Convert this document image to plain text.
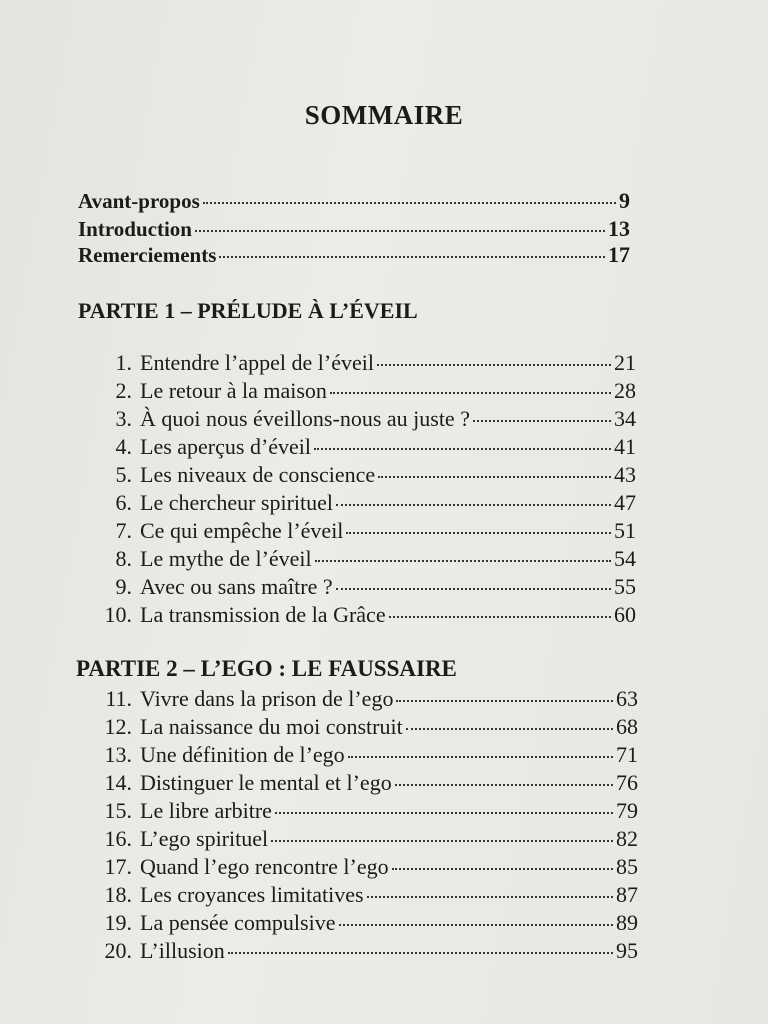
SOMMAIRE
Avant-propos	9
Introduction	13
Remerciements	17
PARTIE 1 – PRÉLUDE À L’ÉVEIL
1. Entendre l’appel de l’éveil	21
2. Le retour à la maison	28
3. À quoi nous éveillons-nous au juste ?	34
4. Les aperçus d’éveil	41
5. Les niveaux de conscience	43
6. Le chercheur spirituel	47
7. Ce qui empêche l’éveil	51
8. Le mythe de l’éveil	54
9. Avec ou sans maître ?	55
10. La transmission de la Grâce	60
PARTIE 2 – L’EGO : LE FAUSSAIRE
11. Vivre dans la prison de l’ego	63
12. La naissance du moi construit	68
13. Une définition de l’ego	71
14. Distinguer le mental et l’ego	76
15. Le libre arbitre	79
16. L’ego spirituel	82
17. Quand l’ego rencontre l’ego	85
18. Les croyances limitatives	87
19. La pensée compulsive	89
20. L’illusion	95
